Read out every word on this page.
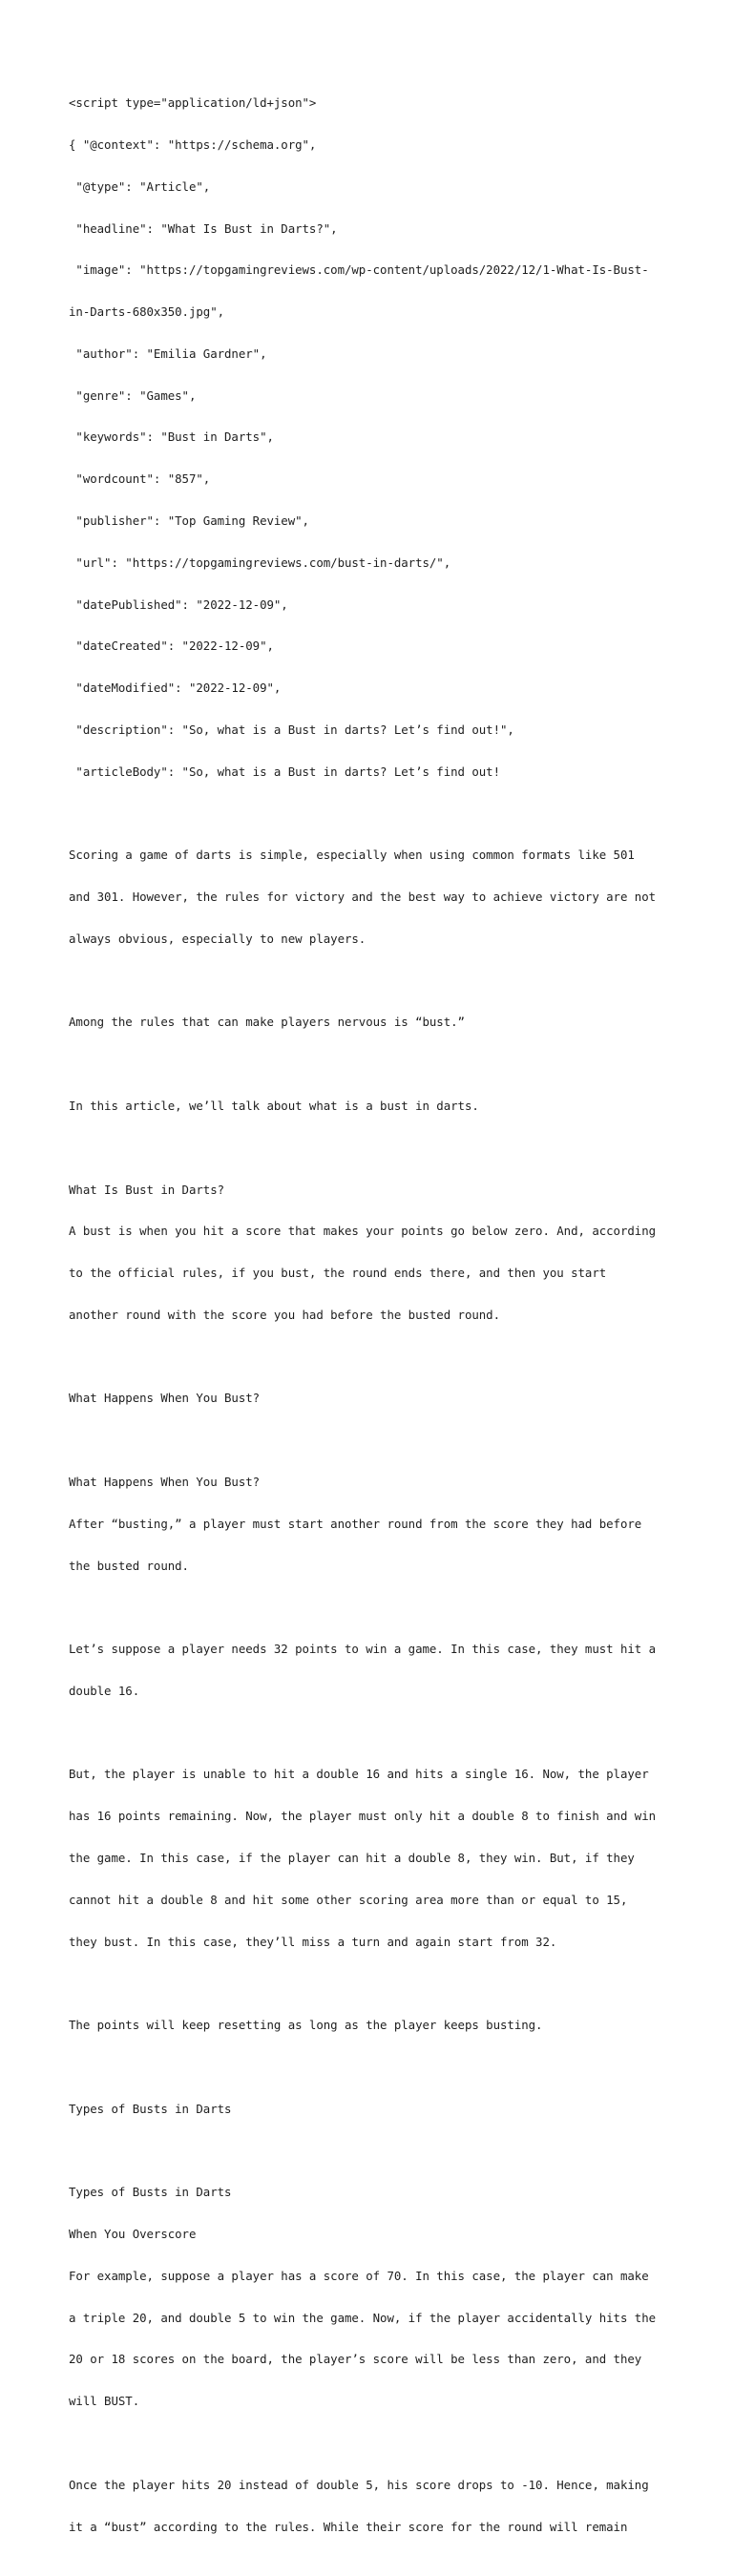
<script type="application/ld+json">

{ "@context": "https://schema.org",

"@type": "Article",

"headline": "What Is Bust in Darts?",

"image": "https://topgamingreviews.com/wp-content/uploads/2022/12/1-What-Is-Bust-

in-Darts-680x350.jpg",

"author": "Emilia Gardner",

"genre": "Games",

"keywords": "Bust in Darts",

"wordcount": "857",

"publisher": "Top Gaming Review",

"url": "https://topgamingreviews.com/bust-in-darts/",

"datePublished": "2022-12-09",

"dateCreated": "2022-12-09",

"dateModified": "2022-12-09",

"description": "So, what is a Bust in darts? Let’s find out!",

"articleBody": "So, what is a Bust in darts? Let’s find out!

Scoring a game of darts is simple, especially when using common formats like 501

and 301. However, the rules for victory and the best way to achieve victory are not

always obvious, especially to new players.

Among the rules that can make players nervous is “bust.”

In this article, we’ll talk about what is a bust in darts.

What Is Bust in Darts?

A bust is when you hit a score that makes your points go below zero. And, according

to the official rules, if you bust, the round ends there, and then you start

another round with the score you had before the busted round.

What Happens When You Bust?

What Happens When You Bust?

After “busting,” a player must start another round from the score they had before

the busted round.

Let’s suppose a player needs 32 points to win a game. In this case, they must hit a

double 16.

But, the player is unable to hit a double 16 and hits a single 16. Now, the player

has 16 points remaining. Now, the player must only hit a double 8 to finish and win

the game. In this case, if the player can hit a double 8, they win. But, if they

cannot hit a double 8 and hit some other scoring area more than or equal to 15,

they bust. In this case, they’ll miss a turn and again start from 32.

The points will keep resetting as long as the player keeps busting.

Types of Busts in Darts

Types of Busts in Darts

When You Overscore

For example, suppose a player has a score of 70. In this case, the player can make

a triple 20, and double 5 to win the game. Now, if the player accidentally hits the

20 or 18 scores on the board, the player’s score will be less than zero, and they

will BUST.

Once the player hits 20 instead of double 5, his score drops to -10. Hence, making

it a “bust” according to the rules. While their score for the round will remain
